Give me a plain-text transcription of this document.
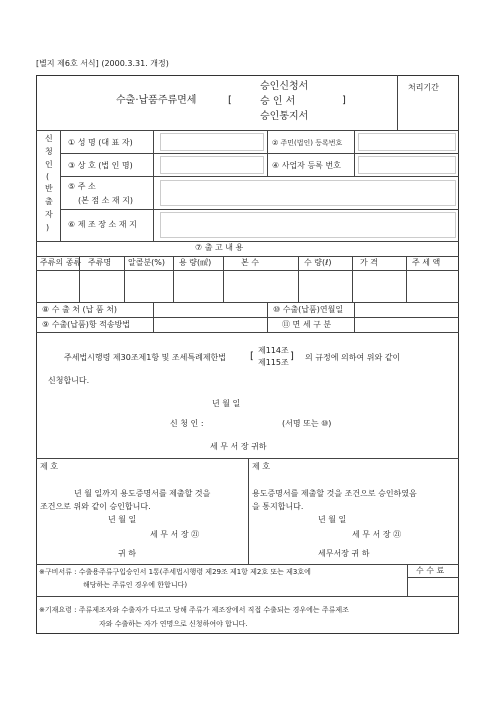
[별지 제6호 서식] (2000.3.31. 개정)
처리기간
수출·납품주류면세	[
승인신청서
승 인 서
승인통지서
]
신
청
인
(
반
출
자
)
① 성 명 (대 표 자)	② 주민(법인) 등록번호
③ 상 호 (법 인 명)	④ 사업자 등록 번호
⑤ 주 소
(본 점 소 재 지)
⑥ 제 조 장 소 재 지
⑦ 출 고 내 용
주류의 종류 주류명 알콜분(%) 용 량(㎖)	본 수	수 량(ℓ)	가 격	주 세 액
⑧ 수 출 처 (납 품 처)	⑩ 수출(납품)연월일
⑨ 수출(납품)항 적송방법	⑪ 면 세 구 분
주세법시행령 제30조제1항 및 조세특례제한법 [
제114조
제115조
] 의 규정에 의하여 위와 같이
신청합니다.
년 월 일
신 청 인 :	(서명 또는 ⑩)
세 무 서 장 귀하
제 호
년 월 일까지 용도증명서를 제출할 것을
조건으로 위와 같이 승인합니다.
년 월 일
세 무 서 장 ㉑
귀 하
제 호
용도증명서를 제출할 것을 조건으로 승인하였음
을 통지합니다.
년 월 일
세 무 서 장 ㉑
세무서장 귀 하
수 수 료
※구비서류 : 수출용주류구입승인서 1통(주세법시행령 제29조 제1항 제2호 또는 제3호에
해당하는 주류인 경우에 한합니다)
※기재요령 : 주류제조자와 수출자가 다르고 당해 주류가 제조장에서 직접 수출되는 경우에는 주류제조
자와 수출하는 자가 연명으로 신청하여야 합니다.
